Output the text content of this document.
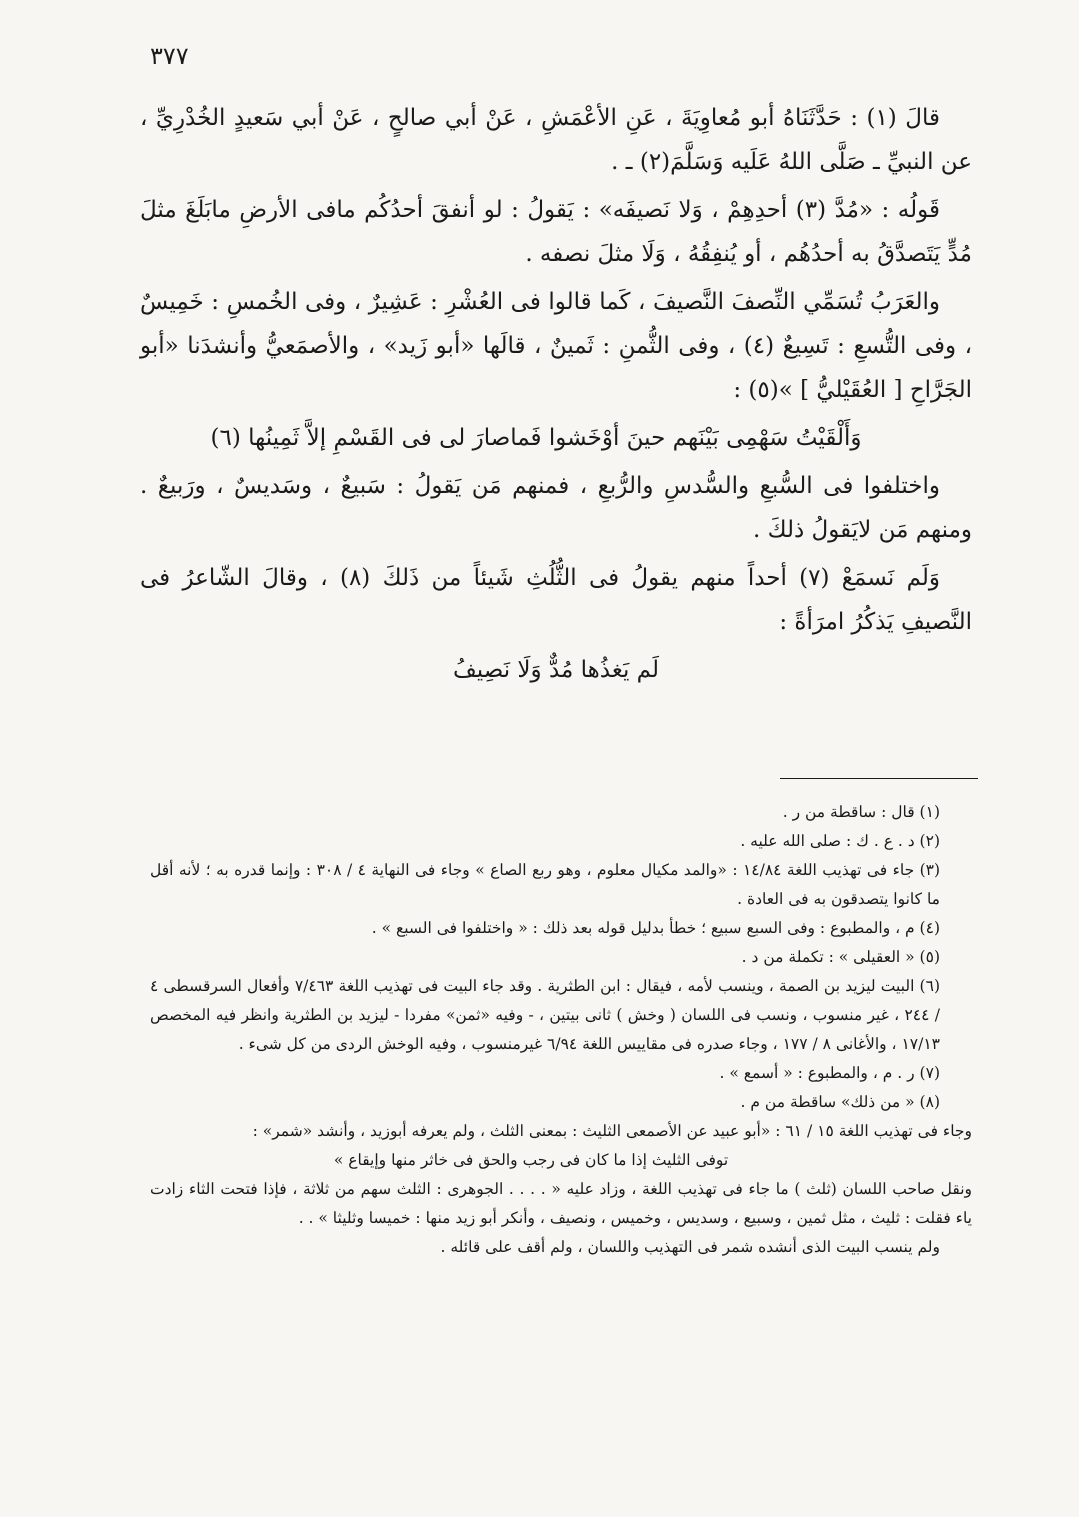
٣٧٧

قالَ (١) : حَدَّثَنَاهُ أبو مُعاوِيَةَ ، عَنِ الأعْمَشِ ، عَنْ أبي صالحٍ ، عَنْ أبي سَعيدٍ الخُدْرِيِّ ، عن النبيِّ ـ صَلَّى اللهُ عَلَيه وَسَلَّمَ(٢) ـ .

قَولُه : «مُدَّ (٣) أحدِهِمْ ، وَلا نَصيفَه» : يَقولُ : لو أنفقَ أحدُكُم مافى الأرضِ مابَلَغَ مثلَ مُدٍّ يَتَصدَّقُ به أحدُهُم ، أو يُنفِقُهُ ، وَلَا مثلَ نصفه .

والعَرَبُ تُسَمِّي النِّصفَ النَّصيفَ ، كَما قالوا فى العُشْرِ : عَشِيرٌ ، وفى الخُمسِ : خَمِيسٌ ، وفى التُّسعِ : تَسِيعٌ (٤) ، وفى الثُّمنِ : ثَمينٌ ، قالَها «أبو زَيد» ، والأصمَعيُّ وأنشدَنا «أبو الجَرَّاحِ [ العُقَيْليُّ ] »(٥) :

وَأَلْقَيْتُ سَهْمِى بَيْنَهم حينَ أوْخَشوا فَماصارَ لى فى القَسْمِ إلاَّ ثَمِينُها (٦)

واختلفوا فى السُّبعِ والسُّدسِ والرُّبعِ ، فمنهم مَن يَقولُ : سَبيعٌ ، وسَديسٌ ، ورَبيعٌ . ومنهم مَن لايَقولُ ذلكَ .

وَلَم نَسمَعْ (٧) أحداً منهم يقولُ فى الثُّلُثِ شَيئاً من ذَلكَ (٨) ، وقالَ الشّاعرُ فى النَّصيفِ يَذكُرُ امرَأةً :

لَم يَغذُها مُدٌّ وَلَا نَصِيفُ

(١) قال : ساقطة من ر .

(٢) د . ع . ك : صلى الله عليه .

(٣) جاء فى تهذيب اللغة ١٤/٨٤ : «والمد مكيال معلوم ، وهو ربع الصاع » وجاء فى النهاية ٤ / ٣٠٨ : وإنما قدره به ؛ لأنه أقل ما كانوا يتصدقون به فى العادة .

(٤) م ، والمطبوع : وفى السبع سبيع ؛ خطأ بدليل قوله بعد ذلك : « واختلفوا فى السبع » .

(٥) « العقيلى » : تكملة من د .

(٦) البيت ليزيد بن الصمة ، وينسب لأمه ، فيقال : ابن الطثرية . وقد جاء البيت فى تهذيب اللغة ٧/٤٦٣ وأفعال السرقسطى ٤ / ٢٤٤ ، غير منسوب ، ونسب فى اللسان ( وخش ) ثانى بيتين ، - وفيه «ثمن» مفردا - ليزيد بن الطثرية وانظر فيه المخصص ١٧/١٣ ، والأغانى ٨ / ١٧٧ ، وجاء صدره فى مقاييس اللغة ٦/٩٤ غيرمنسوب ، وفيه الوخش الردى من كل شىء .

(٧) ر . م ، والمطبوع : « أسمع » .

(٨) « من ذلك» ساقطة من م .

وجاء فى تهذيب اللغة ١٥ / ٦١ : «أبو عبيد عن الأصمعى الثليث : بمعنى الثلث ، ولم يعرفه أبوزيد ، وأنشد «شمر» :

توفى الثليث إذا ما كان فى رجب والحق فى خاثر منها وإيقاع »

ونقل صاحب اللسان (ثلث ) ما جاء فى تهذيب اللغة ، وزاد عليه « . . . . الجوهرى : الثلث سهم من ثلاثة ، فإذا فتحت الثاء زادت ياء فقلت : ثليث ، مثل ثمين ، وسبيع ، وسديس ، وخميس ، ونصيف ، وأنكر أبو زيد منها : خميسا وثليثا » . .

ولم ينسب البيت الذى أنشده شمر فى التهذيب واللسان ، ولم أقف على قائله .
